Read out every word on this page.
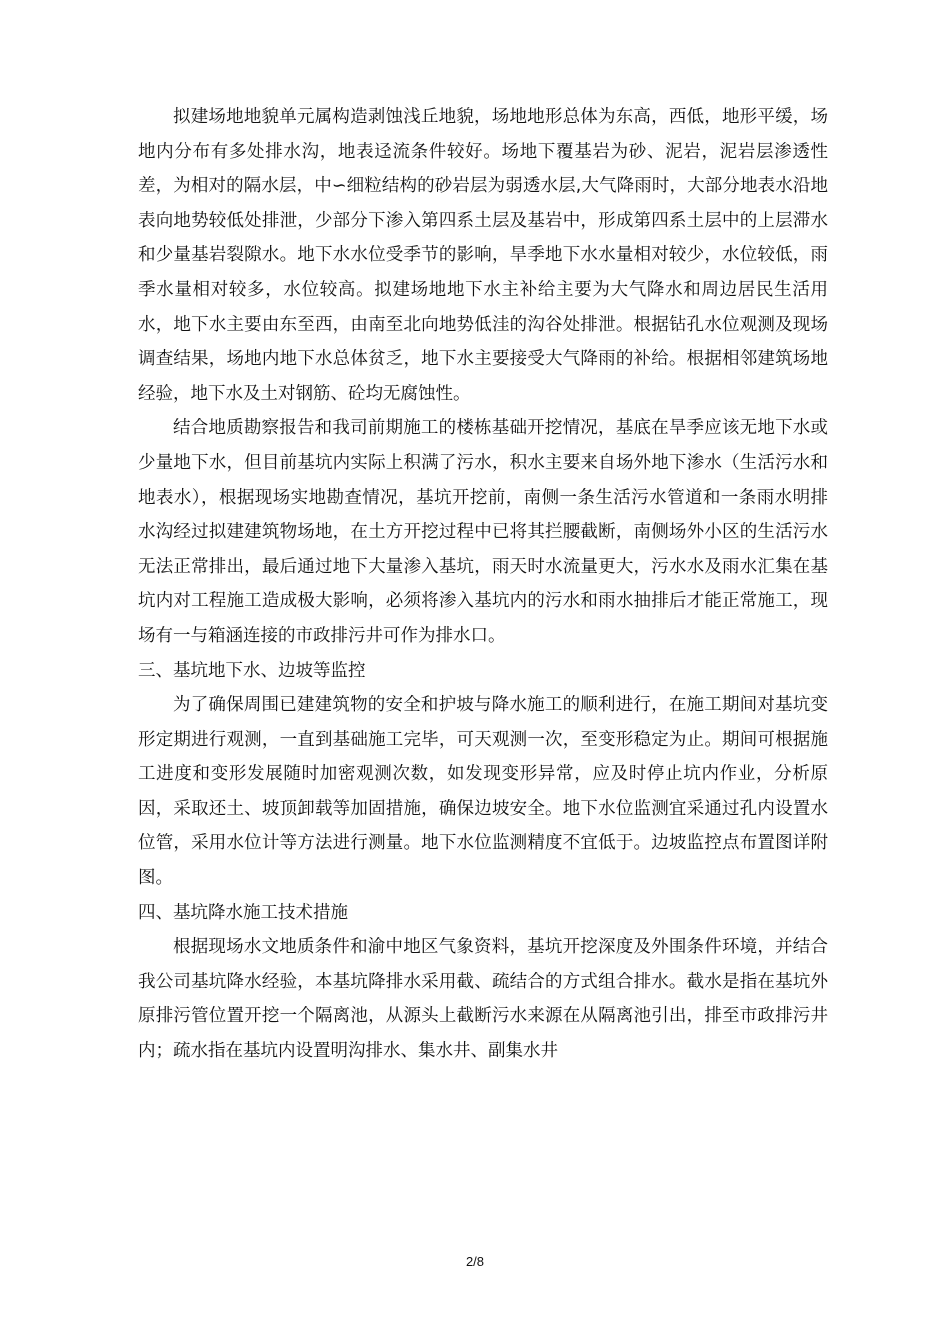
拟建场地地貌单元属构造剥蚀浅丘地貌，场地地形总体为东高，西低，地形平缓，场地内分布有多处排水沟，地表迳流条件较好。场地下覆基岩为砂、泥岩，泥岩层渗透性差，为相对的隔水层，中∽细粒结构的砂岩层为弱透水层,大气降雨时，大部分地表水沿地表向地势较低处排泄，少部分下渗入第四系土层及基岩中，形成第四系土层中的上层滞水和少量基岩裂隙水。地下水水位受季节的影响，旱季地下水水量相对较少，水位较低，雨季水量相对较多，水位较高。拟建场地地下水主补给主要为大气降水和周边居民生活用水，地下水主要由东至西，由南至北向地势低洼的沟谷处排泄。根据钻孔水位观测及现场调查结果，场地内地下水总体贫乏，地下水主要接受大气降雨的补给。根据相邻建筑场地经验，地下水及土对钢筋、砼均无腐蚀性。

结合地质勘察报告和我司前期施工的楼栋基础开挖情况，基底在旱季应该无地下水或少量地下水，但目前基坑内实际上积满了污水，积水主要来自场外地下渗水（生活污水和地表水），根据现场实地勘查情况，基坑开挖前，南侧一条生活污水管道和一条雨水明排水沟经过拟建建筑物场地，在土方开挖过程中已将其拦腰截断，南侧场外小区的生活污水无法正常排出，最后通过地下大量渗入基坑，雨天时水流量更大，污水水及雨水汇集在基坑内对工程施工造成极大影响，必须将渗入基坑内的污水和雨水抽排后才能正常施工，现场有一与箱涵连接的市政排污井可作为排水口。

三、基坑地下水、边坡等监控

为了确保周围已建建筑物的安全和护坡与降水施工的顺利进行，在施工期间对基坑变形定期进行观测，一直到基础施工完毕，可天观测一次，至变形稳定为止。期间可根据施工进度和变形发展随时加密观测次数，如发现变形异常，应及时停止坑内作业，分析原因，采取还土、坡顶卸载等加固措施，确保边坡安全。地下水位监测宜采通过孔内设置水位管，采用水位计等方法进行测量。地下水位监测精度不宜低于。边坡监控点布置图详附图。

四、基坑降水施工技术措施

根据现场水文地质条件和渝中地区气象资料，基坑开挖深度及外围条件环境，并结合我公司基坑降水经验，本基坑降排水采用截、疏结合的方式组合排水。截水是指在基坑外原排污管位置开挖一个隔离池，从源头上截断污水来源在从隔离池引出，排至市政排污井内；疏水指在基坑内设置明沟排水、集水井、副集水井

2/8
